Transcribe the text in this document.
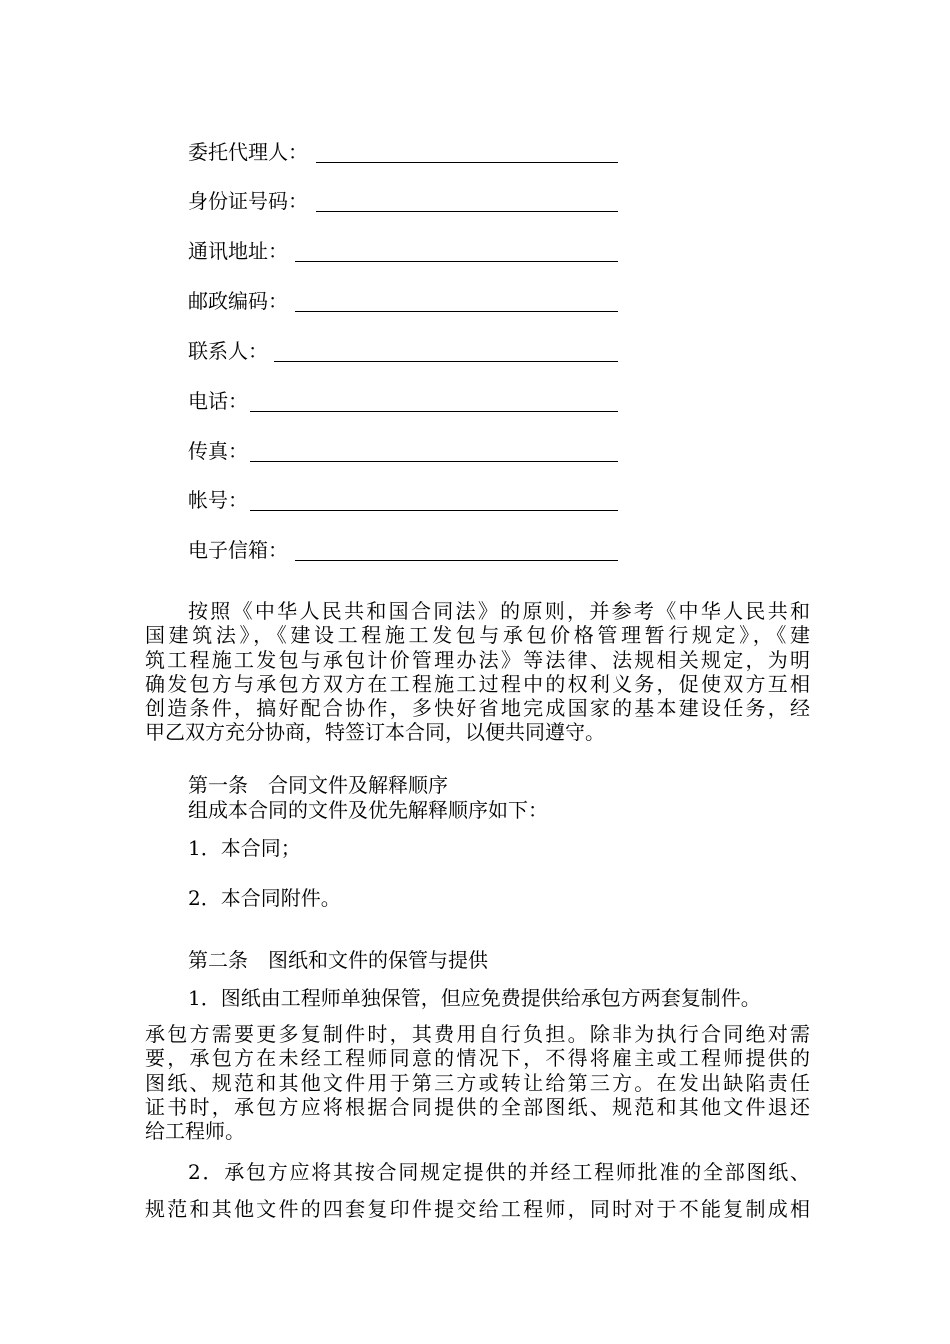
委托代理人：
身份证号码：
通讯地址：
邮政编码：
联系人：
电话：
传真：
帐号：
电子信箱：
按照《中华人民共和国合同法》的原则，并参考《中华人民共和
国建筑法》，《建设工程施工发包与承包价格管理暂行规定》，《建
筑工程施工发包与承包计价管理办法》等法律、法规相关规定，为明
确发包方与承包方双方在工程施工过程中的权利义务，促使双方互相
创造条件，搞好配合协作，多快好省地完成国家的基本建设任务，经
甲乙双方充分协商，特签订本合同，以便共同遵守。
第一条　合同文件及解释顺序
组成本合同的文件及优先解释顺序如下：
1．本合同；
2．本合同附件。
第二条　图纸和文件的保管与提供
1．图纸由工程师单独保管，但应免费提供给承包方两套复制件。
承包方需要更多复制件时，其费用自行负担。除非为执行合同绝对需
要，承包方在未经工程师同意的情况下，不得将雇主或工程师提供的
图纸、规范和其他文件用于第三方或转让给第三方。在发出缺陷责任
证书时，承包方应将根据合同提供的全部图纸、规范和其他文件退还
给工程师。
2．承包方应将其按合同规定提供的并经工程师批准的全部图纸、
规范和其他文件的四套复印件提交给工程师，同时对于不能复制成相
